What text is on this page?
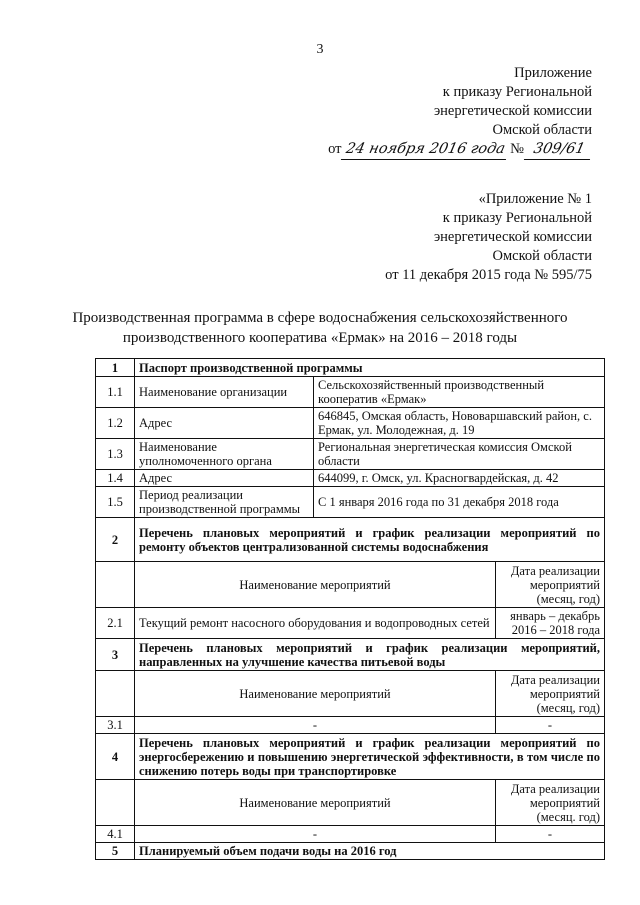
3
Приложение
к приказу Региональной
энергетической комиссии
Омской области
от 24 ноября 2016 года № 309/61
«Приложение № 1
к приказу Региональной
энергетической комиссии
Омской области
от 11 декабря 2015 года № 595/75
Производственная программа в сфере водоснабжения сельскохозяйственного производственного кооператива «Ермак» на 2016 – 2018 годы
1	Паспорт производственной программы		
1.1	Наименование организации	Сельскохозяйственный производственный кооператив «Ермак»	
1.2	Адрес	646845, Омская область, Нововаршавский район, с. Ермак, ул. Молодежная, д. 19	
1.3	Наименование уполномоченного органа	Региональная энергетическая комиссия Омской области	
1.4	Адрес	644099, г. Омск, ул. Красногвардейская, д. 42	
1.5	Период реализации производственной программы	С 1 января 2016 года по 31 декабря 2018 года	
2	Перечень плановых мероприятий и график реализации мероприятий по ремонту объектов централизованной системы водоснабжения		
	Наименование мероприятий		Дата реализации мероприятий (месяц, год)
2.1	Текущий ремонт насосного оборудования и водопроводных сетей		январь – декабрь 2016 – 2018 года
3	Перечень плановых мероприятий и график реализации мероприятий, направленных на улучшение качества питьевой воды		
	Наименование мероприятий		Дата реализации мероприятий (месяц, год)
3.1	-		-
4	Перечень плановых мероприятий и график реализации мероприятий по энергосбережению и повышению энергетической эффективности, в том числе по снижению потерь воды при транспортировке		
	Наименование мероприятий		Дата реализации мероприятий (месяц. год)
4.1	-		-
5	Планируемый объем подачи воды на 2016 год		
